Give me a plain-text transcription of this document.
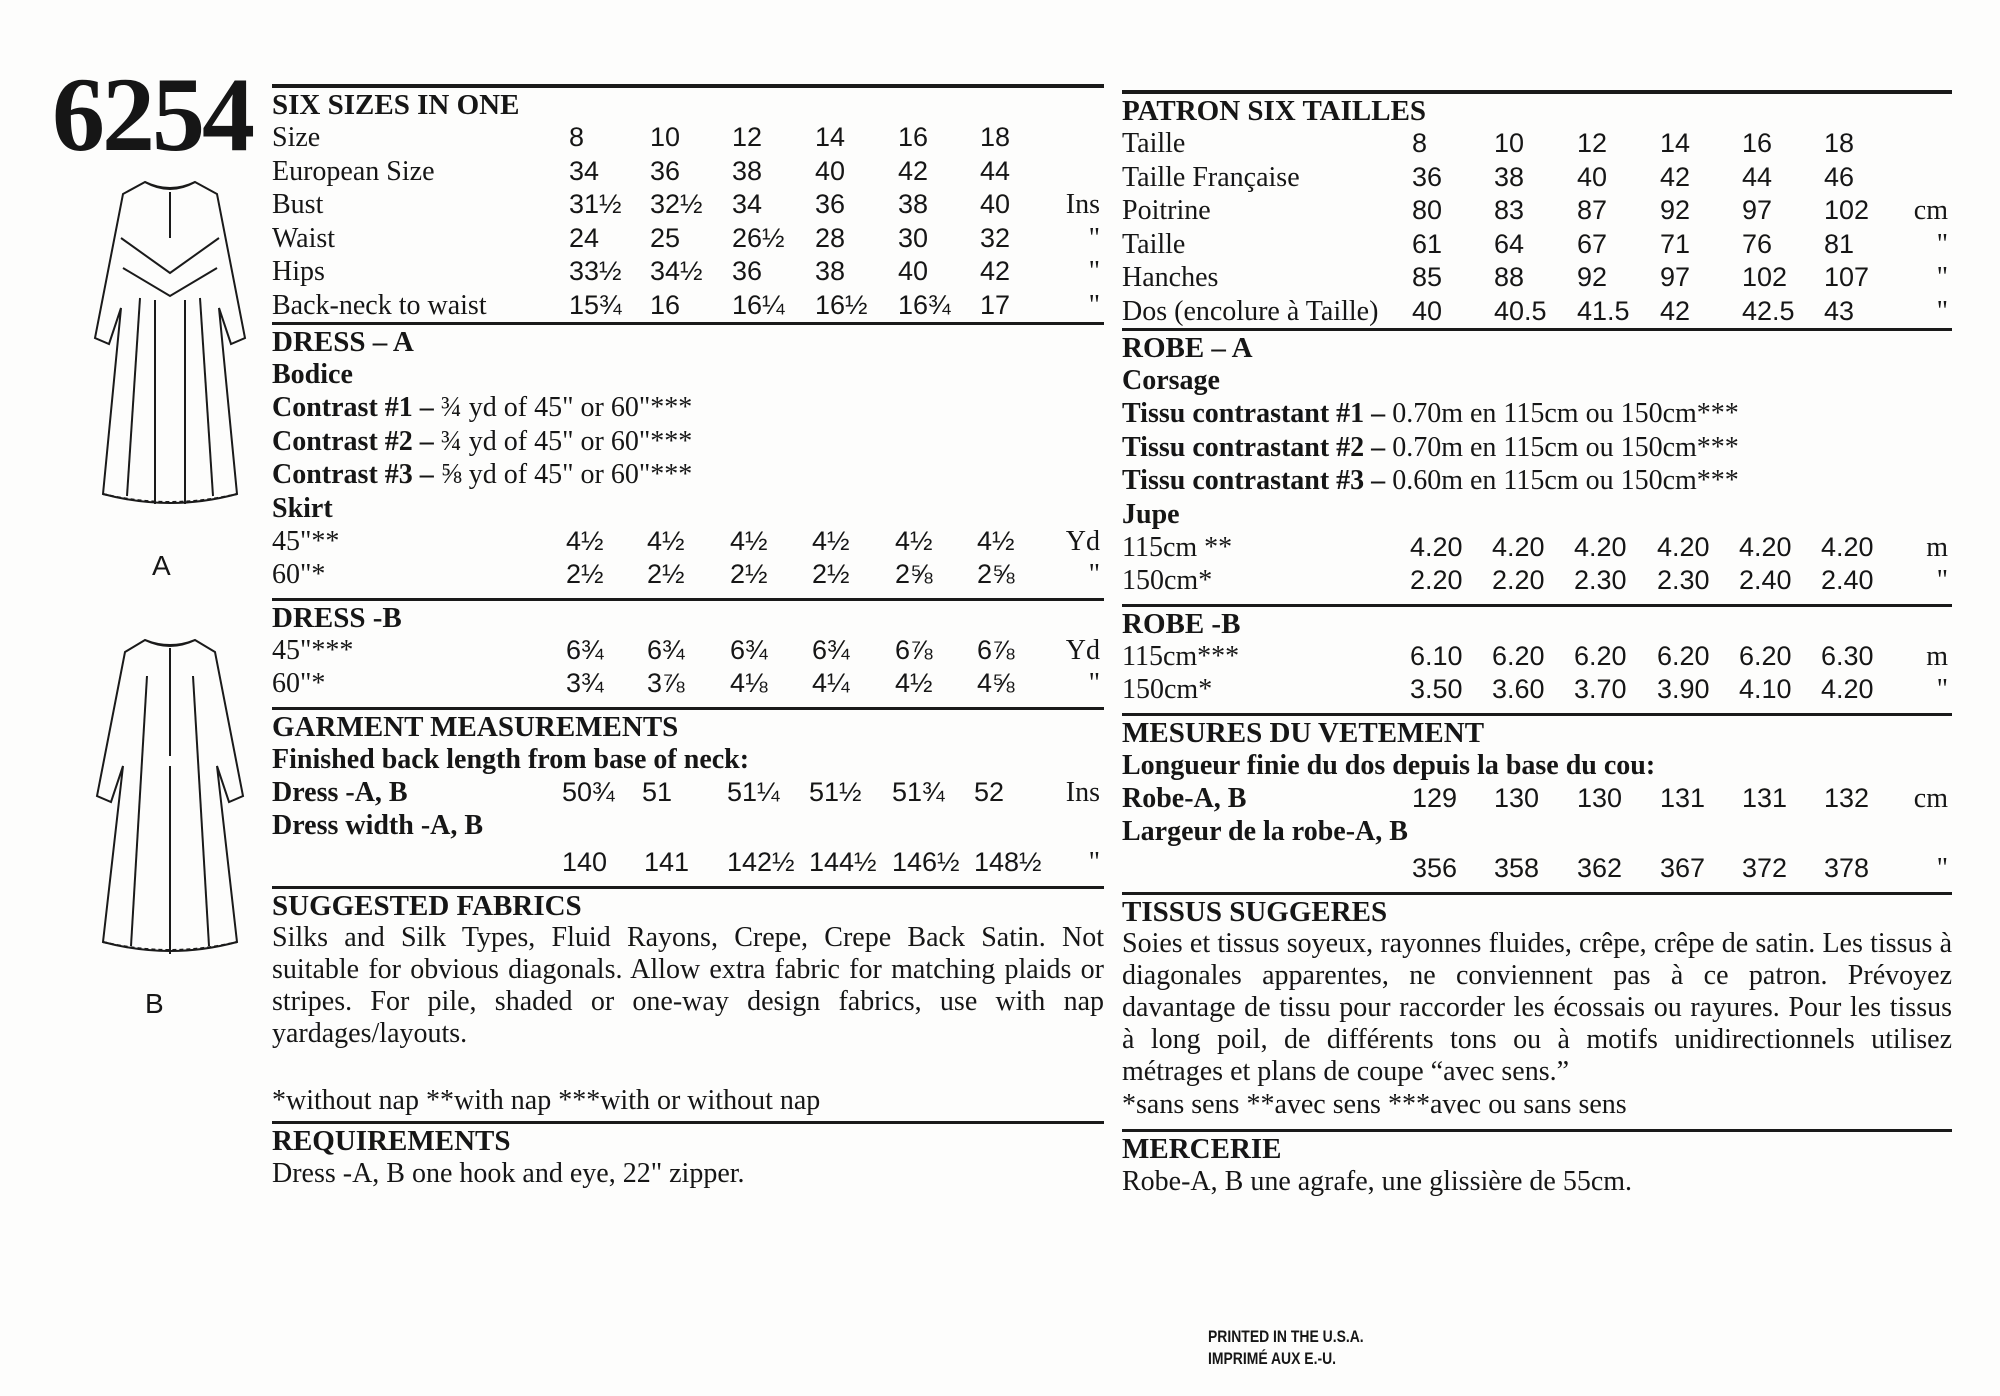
6254
A
B
SIX SIZES IN ONE
Size	8 10 12 14 16 18
European Size	34 36 38 40 42 44
Bust	31½ 32½ 34 36 38 40 Ins
Waist	24 25 26½ 28 30 32	"
Hips	33½ 34½ 36 38 40 42	"
Back-neck to waist	15¾ 16 16¼ 16½ 16¾ 17	"
DRESS – A
Bodice
Contrast #1 – ¾ yd of 45" or 60"***
Contrast #2 – ¾ yd of 45" or 60"***
Contrast #3 – ⅝ yd of 45" or 60"***
Skirt
45"**	4½ 4½ 4½ 4½ 4½ 4½ Yd
60"*	2½ 2½ 2½ 2½ 2⅝ 2⅝	"
DRESS -B
45"***	6¾ 6¾ 6¾ 6¾ 6⅞ 6⅞ Yd
60"*	3¾ 3⅞ 4⅛ 4¼ 4½ 4⅝	"
GARMENT MEASUREMENTS
Finished back length from base of neck:
Dress -A, B	50¾ 51 51¼ 51½ 51¾ 52 Ins
Dress width -A, B
140 141 142½ 144½ 146½ 148½ "
SUGGESTED FABRICS
Silks and Silk Types, Fluid Rayons, Crepe, Crepe Back Satin. Not suitable for obvious diagonals. Allow extra fabric for matching plaids or stripes. For pile, shaded or one-way design fabrics, use with nap yardages/layouts.
*without nap **with nap ***with or without nap
REQUIREMENTS
Dress -A, B one hook and eye, 22" zipper.
PATRON SIX TAILLES
Taille	8 10 12 14 16 18
Taille Française	36 38 40 42 44 46
Poitrine	80 83 87 92 97 102 cm
Taille	61 64 67 71 76 81	"
Hanches	85 88 92 97 102 107 "
Dos (encolure à Taille) 40 40.5 41.5 42 42.5 43	"
ROBE – A
Corsage
Tissu contrastant #1 – 0.70m en 115cm ou 150cm***
Tissu contrastant #2 – 0.70m en 115cm ou 150cm***
Tissu contrastant #3 – 0.60m en 115cm ou 150cm***
Jupe
115cm **	4.20 4.20 4.20 4.20 4.20 4.20 m
150cm*	2.20 2.20 2.30 2.30 2.40 2.40 "
ROBE -B
115cm***	6.10 6.20 6.20 6.20 6.20 6.30 m
150cm*	3.50 3.60 3.70 3.90 4.10 4.20 "
MESURES DU VETEMENT
Longueur finie du dos depuis la base du cou:
Robe-A, B	129 130 130 131 131 132 cm
Largeur de la robe-A, B
356 358 362 367 372 378 "
TISSUS SUGGERES
Soies et tissus soyeux, rayonnes fluides, crêpe, crêpe de satin. Les tissus à diagonales apparentes, ne conviennent pas à ce patron. Prévoyez davantage de tissu pour raccorder les écossais ou rayures. Pour les tissus à long poil, de différents tons ou à motifs unidirectionnels utilisez métrages et plans de coupe “avec sens.”
*sans sens **avec sens ***avec ou sans sens
MERCERIE
Robe-A, B une agrafe, une glissière de 55cm.
PRINTED IN THE U.S.A.
IMPRIMÉ AUX E.-U.
